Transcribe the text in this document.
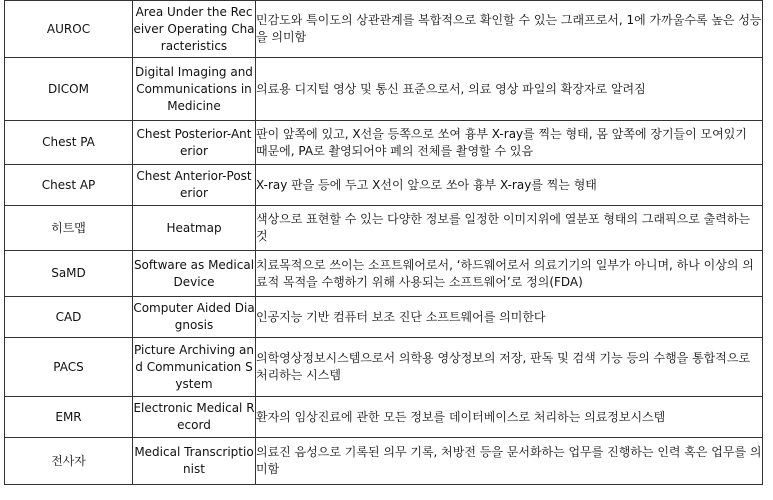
AUROC	Area Under the Receiver Operating Characteristics	민감도와 특이도의 상관관계를 복합적으로 확인할 수 있는 그래프로서, 1에 가까울수록 높은 성능을 의미함

DICOM	Digital Imaging and Communications in Medicine	의료용 디지털 영상 및 통신 표준으로서, 의료 영상 파일의 확장자로 알려짐

Chest PA	Chest Posterior-Anterior	판이 앞쪽에 있고, X선을 등쪽으로 쏘여 흉부 X-ray를 찍는 형태, 몸 앞쪽에 장기들이 모여있기 때문에, PA로 촬영되어야 폐의 전체를 촬영할 수 있음

Chest AP	Chest Anterior-Posterior	X-ray 판을 등에 두고 X선이 앞으로 쏘아 흉부 X-ray를 찍는 형태

히트맵	Heatmap	색상으로 표현할 수 있는 다양한 정보를 일정한 이미지위에 열분포 형태의 그래픽으로 출력하는 것

SaMD	Software as Medical Device	치료목적으로 쓰이는 소프트웨어로서, ‘하드웨어로서 의료기기의 일부가 아니며, 하나 이상의 의료적 목적을 수행하기 위해 사용되는 소프트웨어’로 정의(FDA)

CAD	Computer Aided Diagnosis	인공지능 기반 컴퓨터 보조 진단 소프트웨어를 의미한다

PACS	Picture Archiving and Communication System	의학영상정보시스템으로서 의학용 영상정보의 저장, 판독 및 검색 기능 등의 수행을 통합적으로 처리하는 시스템

EMR	Electronic Medical Record	환자의 임상진료에 관한 모든 정보를 데이터베이스로 처리하는 의료정보시스템

전사자	Medical Transcriptionist	의료진 음성으로 기록된 의무 기록, 처방전 등을 문서화하는 업무를 진행하는 인력 혹은 업무를 의미함
